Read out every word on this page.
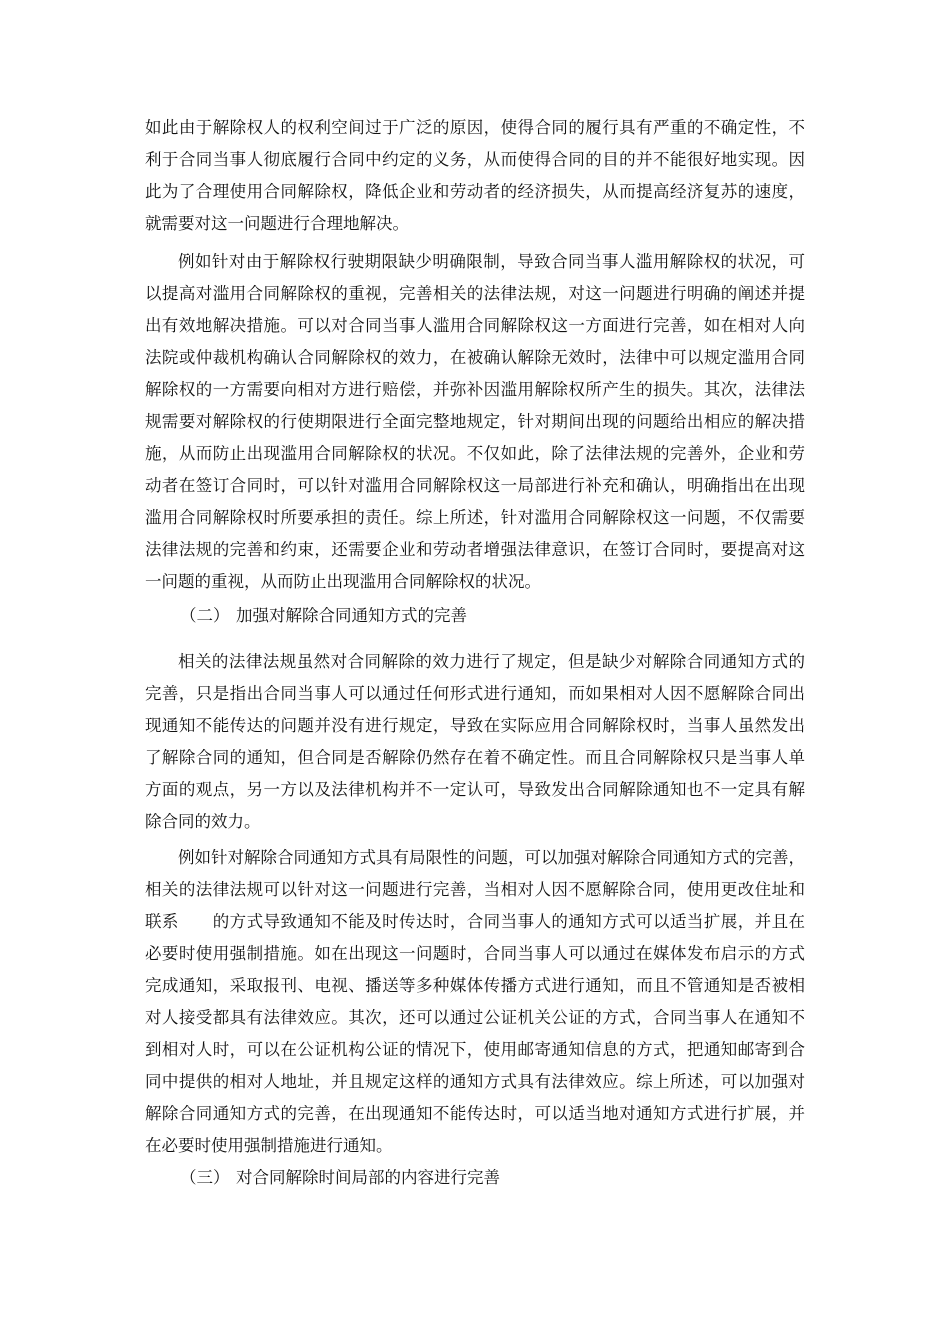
如此由于解除权人的权利空间过于广泛的原因，使得合同的履行具有严重的不确定性，不
利于合同当事人彻底履行合同中约定的义务，从而使得合同的目的并不能很好地实现。因
此为了合理使用合同解除权，降低企业和劳动者的经济损失，从而提高经济复苏的速度，
就需要对这一问题进行合理地解决。
例如针对由于解除权行驶期限缺少明确限制，导致合同当事人滥用解除权的状况，可
以提高对滥用合同解除权的重视，完善相关的法律法规，对这一问题进行明确的阐述并提
出有效地解决措施。可以对合同当事人滥用合同解除权这一方面进行完善，如在相对人向
法院或仲裁机构确认合同解除权的效力，在被确认解除无效时，法律中可以规定滥用合同
解除权的一方需要向相对方进行赔偿，并弥补因滥用解除权所产生的损失。其次，法律法
规需要对解除权的行使期限进行全面完整地规定，针对期间出现的问题给出相应的解决措
施，从而防止出现滥用合同解除权的状况。不仅如此，除了法律法规的完善外，企业和劳
动者在签订合同时，可以针对滥用合同解除权这一局部进行补充和确认，明确指出在出现
滥用合同解除权时所要承担的责任。综上所述，针对滥用合同解除权这一问题，不仅需要
法律法规的完善和约束，还需要企业和劳动者增强法律意识，在签订合同时，要提高对这
一问题的重视，从而防止出现滥用合同解除权的状况。
（二） 加强对解除合同通知方式的完善
相关的法律法规虽然对合同解除的效力进行了规定，但是缺少对解除合同通知方式的
完善，只是指出合同当事人可以通过任何形式进行通知，而如果相对人因不愿解除合同出
现通知不能传达的问题并没有进行规定，导致在实际应用合同解除权时，当事人虽然发出
了解除合同的通知，但合同是否解除仍然存在着不确定性。而且合同解除权只是当事人单
方面的观点，另一方以及法律机构并不一定认可，导致发出合同解除通知也不一定具有解
除合同的效力。
例如针对解除合同通知方式具有局限性的问题，可以加强对解除合同通知方式的完善，
相关的法律法规可以针对这一问题进行完善，当相对人因不愿解除合同，使用更改住址和
联系　　的方式导致通知不能及时传达时，合同当事人的通知方式可以适当扩展，并且在
必要时使用强制措施。如在出现这一问题时，合同当事人可以通过在媒体发布启示的方式
完成通知，采取报刊、电视、播送等多种媒体传播方式进行通知，而且不管通知是否被相
对人接受都具有法律效应。其次，还可以通过公证机关公证的方式，合同当事人在通知不
到相对人时，可以在公证机构公证的情况下，使用邮寄通知信息的方式，把通知邮寄到合
同中提供的相对人地址，并且规定这样的通知方式具有法律效应。综上所述，可以加强对
解除合同通知方式的完善，在出现通知不能传达时，可以适当地对通知方式进行扩展，并
在必要时使用强制措施进行通知。
（三） 对合同解除时间局部的内容进行完善
